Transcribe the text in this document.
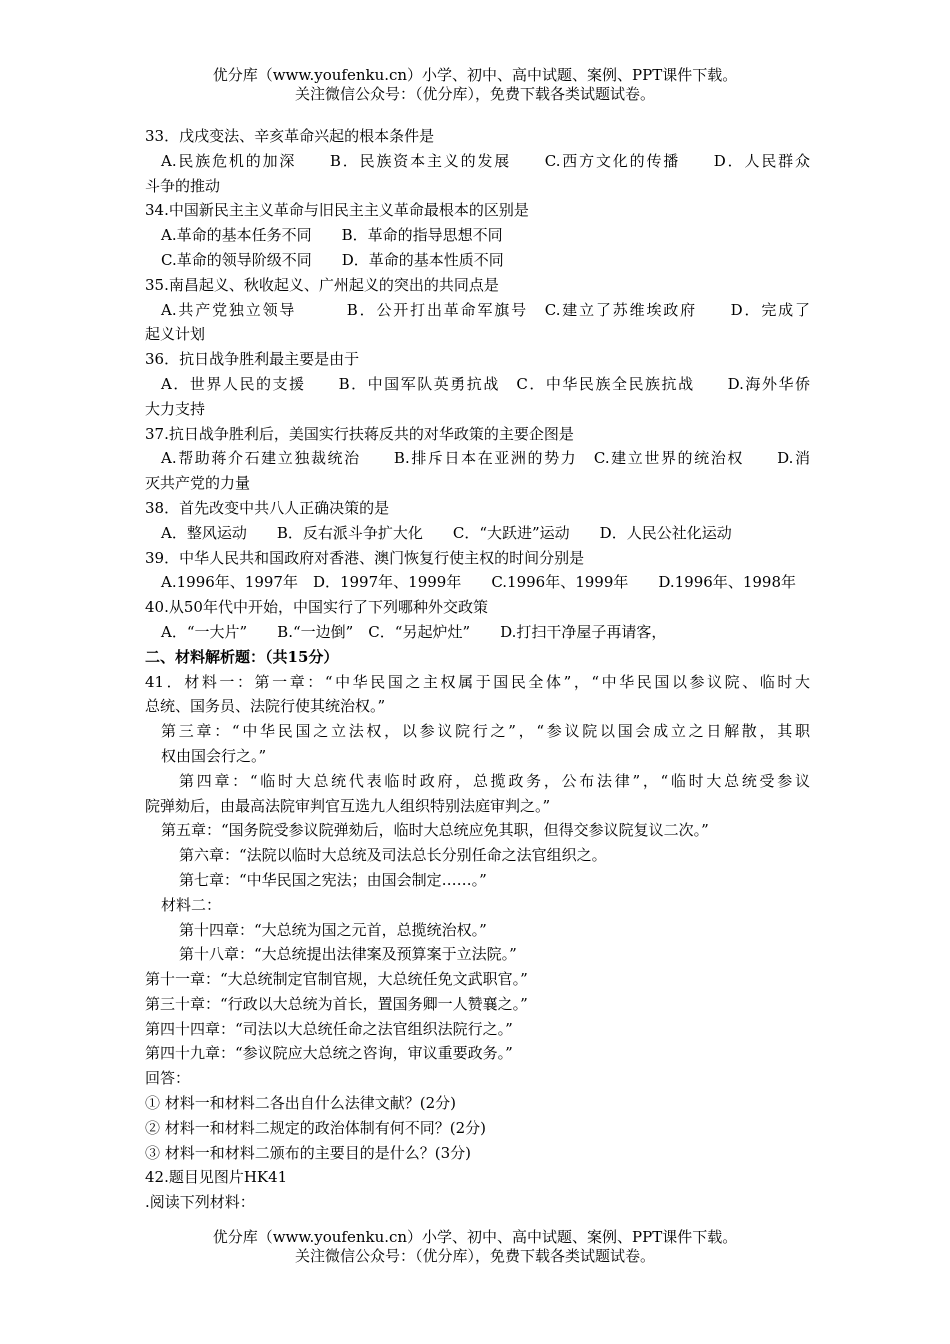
优分库（www.youfenku.cn）小学、初中、高中试题、案例、PPT课件下载。
关注微信公众号：（优分库），免费下载各类试题试卷。
33．戊戌变法、辛亥革命兴起的根本条件是
A.民族危机的加深　　B．民族资本主义的发展　　C.西方文化的传播　　D．人民群众
斗争的推动
34.中国新民主主义革命与旧民主主义革命最根本的区别是
A.革命的基本任务不同　　B．革命的指导思想不同
C.革命的领导阶级不同　　D．革命的基本性质不同
35.南昌起义、秋收起义、广州起义的突出的共同点是
A.共产党独立领导　　　B．公开打出革命军旗号　C.建立了苏维埃政府　　D．完成了
起义计划
36．抗日战争胜利最主要是由于
A．世界人民的支援　　B．中国军队英勇抗战　C．中华民族全民族抗战　　D.海外华侨
大力支持
37.抗日战争胜利后，美国实行扶蒋反共的对华政策的主要企图是
A.帮助蒋介石建立独裁统治　　B.排斥日本在亚洲的势力　C.建立世界的统治权　　D.消
灭共产党的力量
38．首先改变中共八人正确决策的是
A．整风运动　　B．反右派斗争扩大化　　C．“大跃进”运动　　D．人民公社化运动
39．中华人民共和国政府对香港、澳门恢复行使主权的时间分别是
A.1996年、1997年　D．1997年、1999年　　C.1996年、1999年　　D.1996年、1998年
40.从50年代中开始，中国实行了下列哪种外交政策
A．“一大片”　　B.“一边倒”　C．“另起炉灶”　　D.打扫干净屋子再请客，
二、材料解析题：（共15分）
41．材料一：第一章：“中华民国之主权属于国民全体”，“中华民国以参议院、临时大
总统、国务员、法院行使其统治权。”
第三章：“中华民国之立法权，以参议院行之”，“参议院以国会成立之日解散，其职
权由国会行之。”
第四章：“临时大总统代表临时政府，总揽政务，公布法律”，“临时大总统受参议
院弹劾后，由最高法院审判官互选九人组织特别法庭审判之。”
第五章：“国务院受参议院弹劾后，临时大总统应免其职，但得交参议院复议二次。”
第六章：“法院以临时大总统及司法总长分别任命之法官组织之。
第七章：“中华民国之宪法；由国会制定……。”
材料二：
第十四章：“大总统为国之元首，总揽统治权。”
第十八章：“大总统提出法律案及预算案于立法院。”
第十一章：“大总统制定官制官规，大总统任免文武职官。”
第三十章：“行政以大总统为首长，置国务卿一人赞襄之。”
第四十四章：“司法以大总统任命之法官组织法院行之。”
第四十九章：“参议院应大总统之咨询，审议重要政务。”
回答：
① 材料一和材料二各出自什么法律文献？(2分)
② 材料一和材料二规定的政治体制有何不同？(2分)
③ 材料一和材料二颁布的主要目的是什么？(3分)
42.题目见图片HK41
.阅读下列材料：
优分库（www.youfenku.cn）小学、初中、高中试题、案例、PPT课件下载。
关注微信公众号：（优分库），免费下载各类试题试卷。
